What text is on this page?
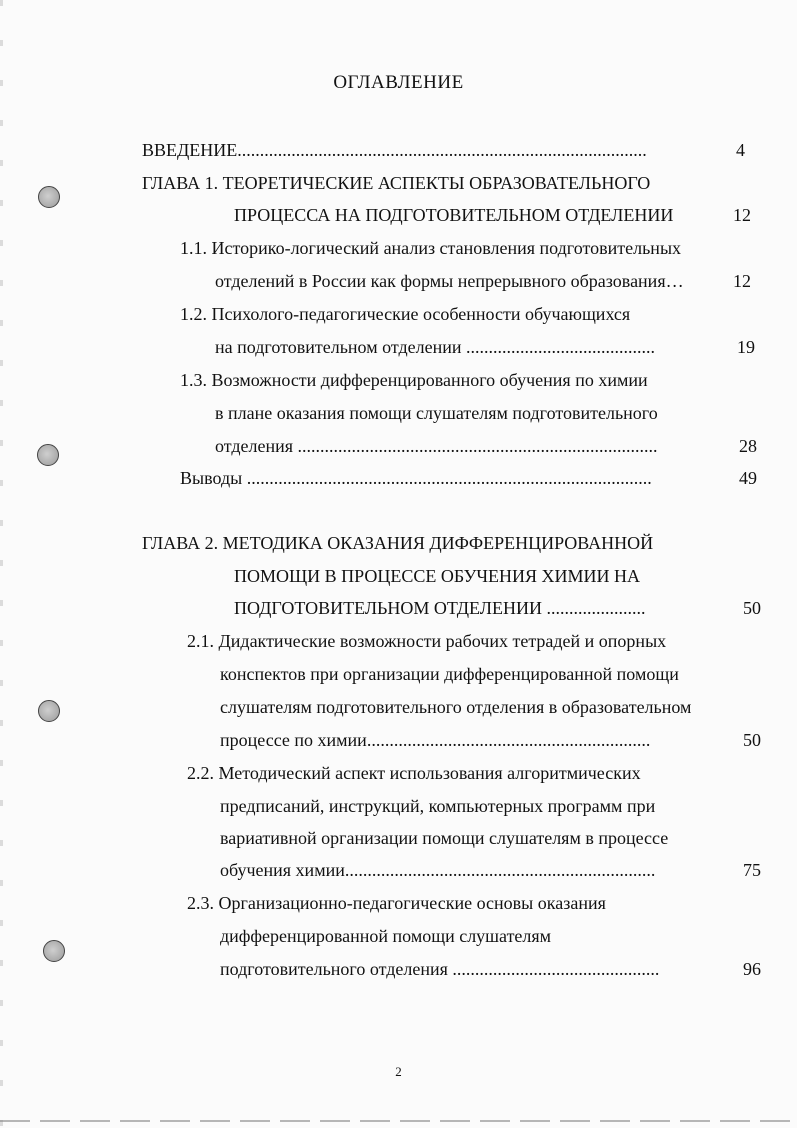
ОГЛАВЛЕНИЕ
ВВЕДЕНИЕ...........................................................................................	4
ГЛАВА 1. ТЕОРЕТИЧЕСКИЕ АСПЕКТЫ ОБРАЗОВАТЕЛЬНОГО
ПРОЦЕССА НА ПОДГОТОВИТЕЛЬНОМ ОТДЕЛЕНИИ	12
1.1. Историко-логический анализ становления подготовительных
отделений в России как формы непрерывного образования…	12
1.2. Психолого-педагогические особенности обучающихся
на подготовительном отделении ..........................................	19
1.3. Возможности дифференцированного обучения по химии
в плане оказания помощи слушателям подготовительного
отделения ................................................................................	28
Выводы ..........................................................................................	49
ГЛАВА 2. МЕТОДИКА ОКАЗАНИЯ ДИФФЕРЕНЦИРОВАННОЙ
ПОМОЩИ В ПРОЦЕССЕ ОБУЧЕНИЯ ХИМИИ НА
ПОДГОТОВИТЕЛЬНОМ ОТДЕЛЕНИИ ......................	50
2.1. Дидактические возможности рабочих тетрадей и опорных
конспектов при организации дифференцированной помощи
слушателям подготовительного отделения в образовательном
процессе по химии...............................................................	50
2.2. Методический аспект использования алгоритмических
предписаний, инструкций, компьютерных программ при
вариативной организации помощи слушателям в процессе
обучения химии.....................................................................	75
2.3. Организационно-педагогические основы оказания
дифференцированной помощи слушателям
подготовительного отделения ..............................................	96
2
